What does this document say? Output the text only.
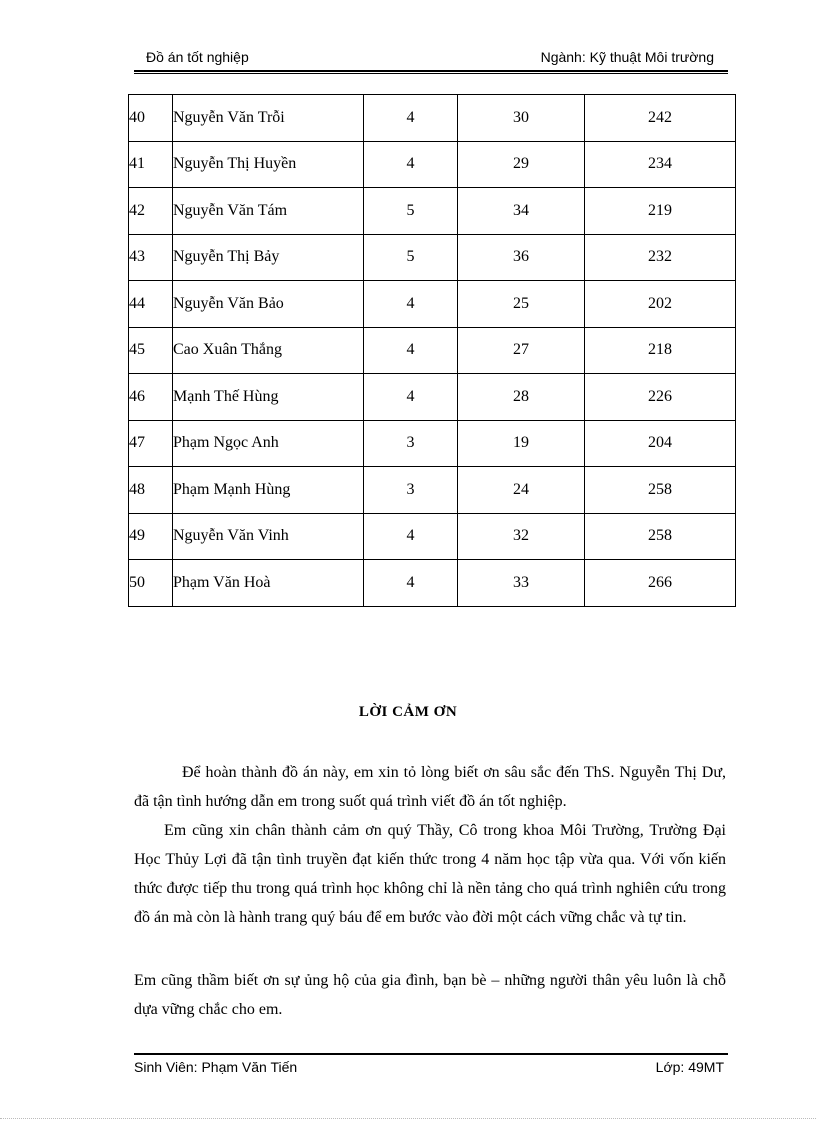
Đồ án tốt nghiệp	Ngành: Kỹ thuật Môi trường
40	Nguyễn Văn Trỗi	4	30	242
41	Nguyễn Thị Huyền	4	29	234
42	Nguyễn Văn Tám	5	34	219
43	Nguyễn Thị Bảy	5	36	232
44	Nguyễn Văn Bảo	4	25	202
45	Cao Xuân Thắng	4	27	218
46	Mạnh Thế Hùng	4	28	226
47	Phạm Ngọc Anh	3	19	204
48	Phạm Mạnh Hùng	3	24	258
49	Nguyễn Văn Vinh	4	32	258
50	Phạm Văn Hoà	4	33	266
LỜI CẢM ƠN

Để hoàn thành đồ án này, em xin tỏ lòng biết ơn sâu sắc đến ThS. Nguyễn Thị Dư, đã tận tình hướng dẫn em trong suốt quá trình viết đồ án tốt nghiệp.

Em cũng xin chân thành cảm ơn quý Thầy, Cô trong khoa Môi Trường, Trường Đại Học Thủy Lợi đã tận tình truyền đạt kiến thức trong 4 năm học tập vừa qua. Với vốn kiến thức được tiếp thu trong quá trình học không chỉ là nền tảng cho quá trình nghiên cứu trong đồ án mà còn là hành trang quý báu để em bước vào đời một cách vững chắc và tự tin.

Em cũng thầm biết ơn sự ủng hộ của gia đình, bạn bè – những người thân yêu luôn là chỗ dựa vững chắc cho em.

Sinh Viên: Phạm Văn Tiến	Lớp: 49MT
